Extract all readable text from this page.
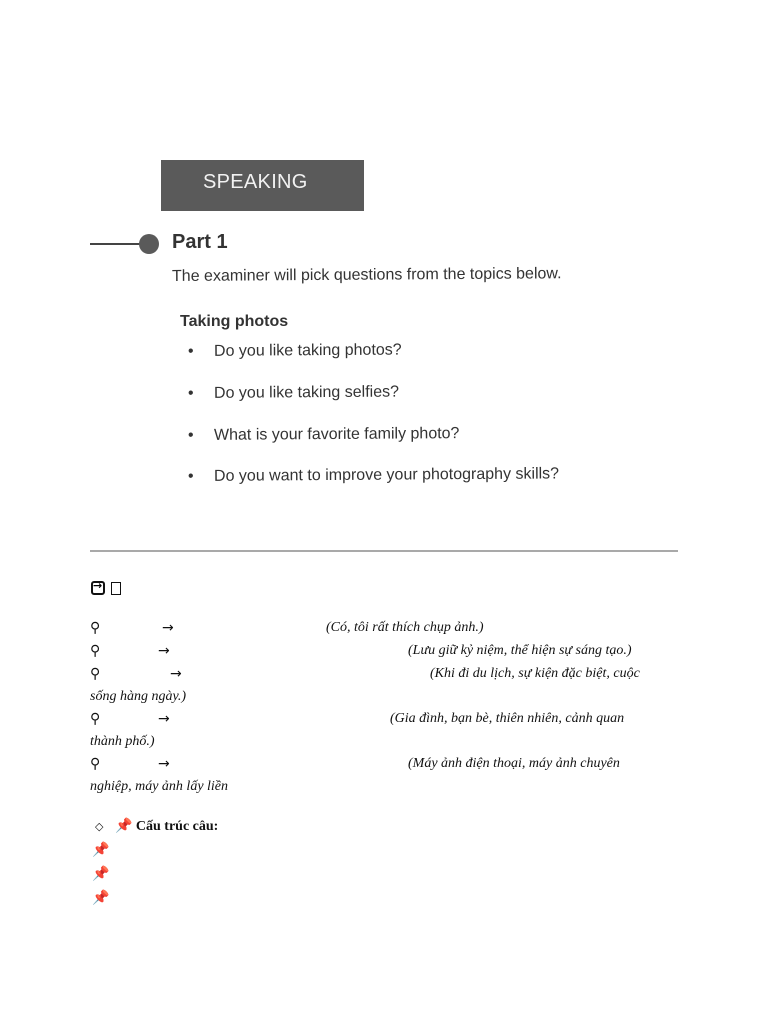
SPEAKING
Part 1
The examiner will pick questions from the topics below.
Taking photos
• Do you like taking photos?
• Do you like taking selfies?
• What is your favorite family photo?
• Do you want to improve your photography skills?
→
⚲	→	(Có, tôi rất thích chụp ảnh.)
⚲	→	(Lưu giữ kỷ niệm, thể hiện sự sáng tạo.)
⚲	→	(Khi đi du lịch, sự kiện đặc biệt, cuộc
sống hàng ngày.)
⚲	→	(Gia đình, bạn bè, thiên nhiên, cảnh quan
thành phố.)
⚲	→	(Máy ảnh điện thoại, máy ảnh chuyên
nghiệp, máy ảnh lấy liền
◇ 📌 Cấu trúc câu:
📌
📌
📌
